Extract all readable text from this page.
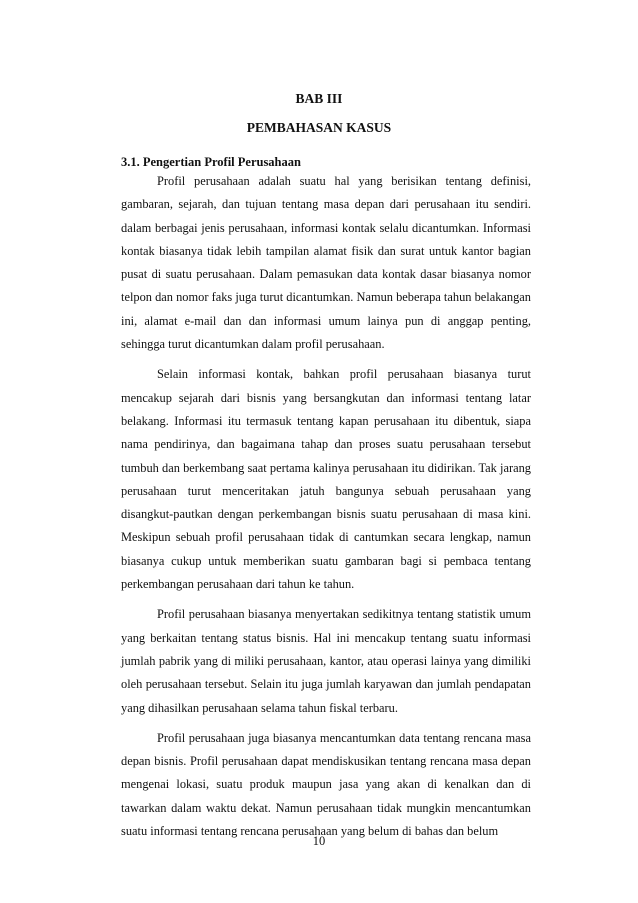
BAB III
PEMBAHASAN KASUS
3.1. Pengertian Profil Perusahaan

Profil perusahaan adalah suatu hal yang berisikan tentang definisi, gambaran, sejarah, dan tujuan tentang masa depan dari perusahaan itu sendiri. dalam berbagai jenis perusahaan, informasi kontak selalu dicantumkan. Informasi kontak biasanya tidak lebih tampilan alamat fisik dan surat untuk kantor bagian pusat di suatu perusahaan. Dalam pemasukan data kontak dasar biasanya nomor telpon dan nomor faks juga turut dicantumkan. Namun beberapa tahun belakangan ini, alamat e-mail dan dan informasi umum lainya pun di anggap penting, sehingga turut dicantumkan dalam profil perusahaan.

Selain informasi kontak, bahkan profil perusahaan biasanya turut mencakup sejarah dari bisnis yang bersangkutan dan informasi tentang latar belakang. Informasi itu termasuk tentang kapan perusahaan itu dibentuk, siapa nama pendirinya, dan bagaimana tahap dan proses suatu perusahaan tersebut tumbuh dan berkembang saat pertama kalinya perusahaan itu didirikan. Tak jarang perusahaan turut menceritakan jatuh bangunya sebuah perusahaan yang disangkut-pautkan dengan perkembangan bisnis suatu perusahaan di masa kini. Meskipun sebuah profil perusahaan tidak di cantumkan secara lengkap, namun biasanya cukup untuk memberikan suatu gambaran bagi si pembaca tentang perkembangan perusahaan dari tahun ke tahun.

Profil perusahaan biasanya menyertakan sedikitnya tentang statistik umum yang berkaitan tentang status bisnis. Hal ini mencakup tentang suatu informasi jumlah pabrik yang di miliki perusahaan, kantor, atau operasi lainya yang dimiliki oleh perusahaan tersebut. Selain itu juga jumlah karyawan dan jumlah pendapatan yang dihasilkan perusahaan selama tahun fiskal terbaru.

Profil perusahaan juga biasanya mencantumkan data tentang rencana masa depan bisnis. Profil perusahaan dapat mendiskusikan tentang rencana masa depan mengenai lokasi, suatu produk maupun jasa yang akan di kenalkan dan di tawarkan dalam waktu dekat. Namun perusahaan tidak mungkin mencantumkan suatu informasi tentang rencana perusahaan yang belum di bahas dan belum

10
